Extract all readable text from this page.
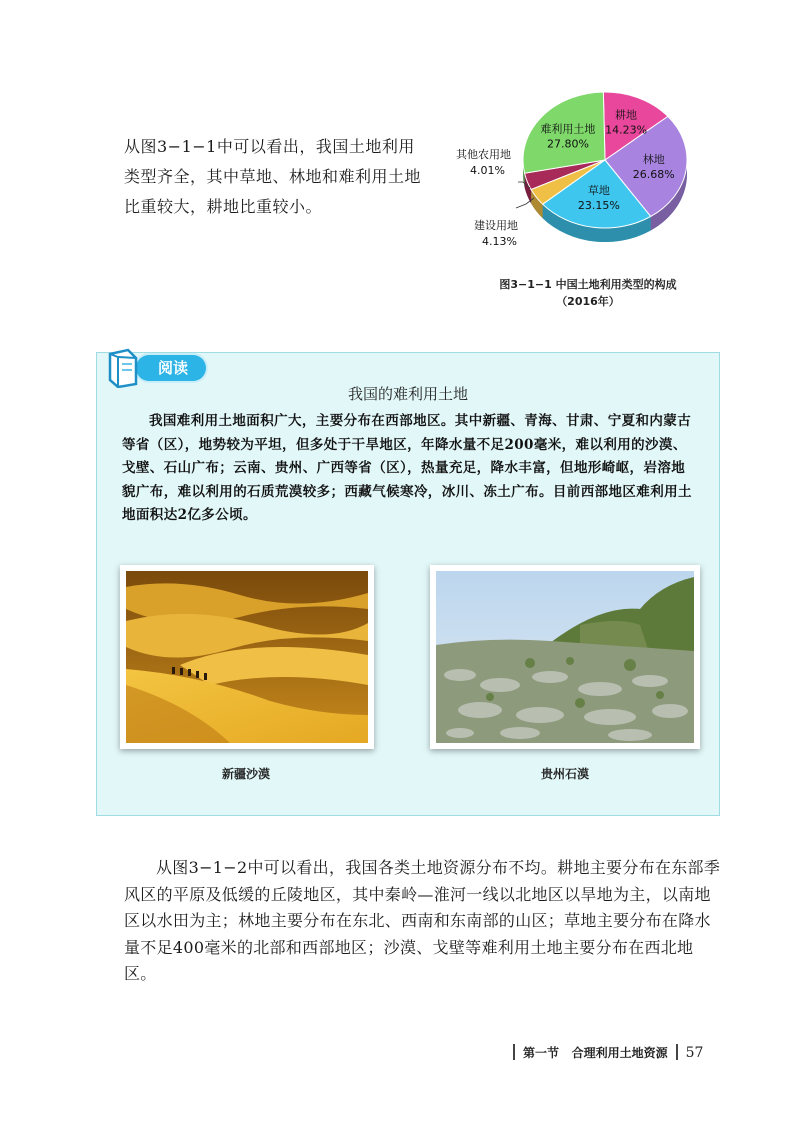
从图3−1−1中可以看出，我国土地利用类型齐全，其中草地、林地和难利用土地比重较大，耕地比重较小。
耕地
14.23%
林地
26.68%
草地
23.15%
难利用土地
27.80%
其他农用地
4.01%
建设用地
4.13%
图3−1−1 中国土地利用类型的构成
（2016年）
阅读
我国的难利用土地
我国难利用土地面积广大，主要分布在西部地区。其中新疆、青海、甘肃、宁夏和内蒙古等省（区），地势较为平坦，但多处于干旱地区，年降水量不足200毫米，难以利用的沙漠、戈壁、石山广布；云南、贵州、广西等省（区），热量充足，降水丰富，但地形崎岖，岩溶地貌广布，难以利用的石质荒漠较多；西藏气候寒冷，冰川、冻土广布。目前西部地区难利用土地面积达2亿多公顷。
新疆沙漠	贵州石漠
从图3−1−2中可以看出，我国各类土地资源分布不均。耕地主要分布在东部季风区的平原及低缓的丘陵地区，其中秦岭—淮河一线以北地区以旱地为主，以南地区以水田为主；林地主要分布在东北、西南和东南部的山区；草地主要分布在降水量不足400毫米的北部和西部地区；沙漠、戈壁等难利用土地主要分布在西北地区。
第一节 合理利用土地资源 57
